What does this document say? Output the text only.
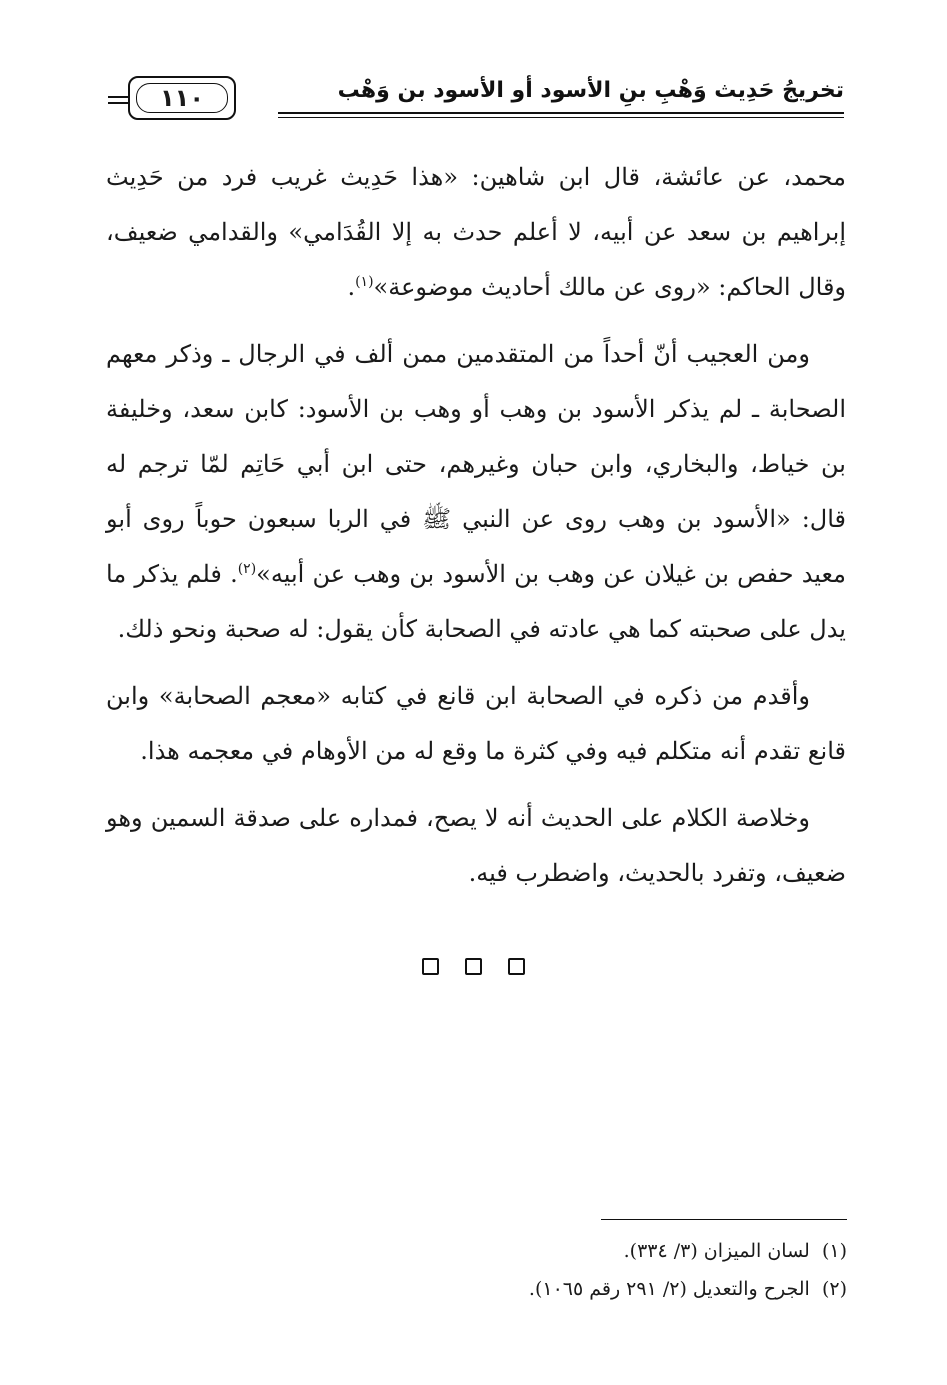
تخريجُ حَدِيث وَهْبِ بنِ الأسود أو الأسود بن وَهْب
١١٠

محمد، عن عائشة، قال ابن شاهين: «هذا حَدِيث غريب فرد من حَدِيث إبراهيم بن سعد عن أبيه، لا أعلم حدث به إلا القُدَامي» والقدامي ضعيف، وقال الحاكم: «روى عن مالك أحاديث موضوعة»$^{(١)}$.

ومن العجيب أنّ أحداً من المتقدمين ممن ألف في الرجال ـ وذكر معهم الصحابة ـ لم يذكر الأسود بن وهب أو وهب بن الأسود: كابن سعد، وخليفة بن خياط، والبخاري، وابن حبان وغيرهم، حتى ابن أبي حَاتِم لمّا ترجم له قال: «الأسود بن وهب روى عن النبي ﷺ في الربا سبعون حوباً روى أبو معيد حفص بن غيلان عن وهب بن الأسود بن وهب عن أبيه»$^{(٢)}$. فلم يذكر ما يدل على صحبته كما هي عادته في الصحابة كأن يقول: له صحبة ونحو ذلك.

وأقدم من ذكره في الصحابة ابن قانع في كتابه «معجم الصحابة» وابن قانع تقدم أنه متكلم فيه وفي كثرة ما وقع له من الأوهام في معجمه هذا.

وخلاصة الكلام على الحديث أنه لا يصح، فمداره على صدقة السمين وهو ضعيف، وتفرد بالحديث، واضطرب فيه.

(١)  لسان الميزان (٣/ ٣٣٤).
(٢)  الجرح والتعديل (٢/ ٢٩١ رقم ١٠٦٥).
